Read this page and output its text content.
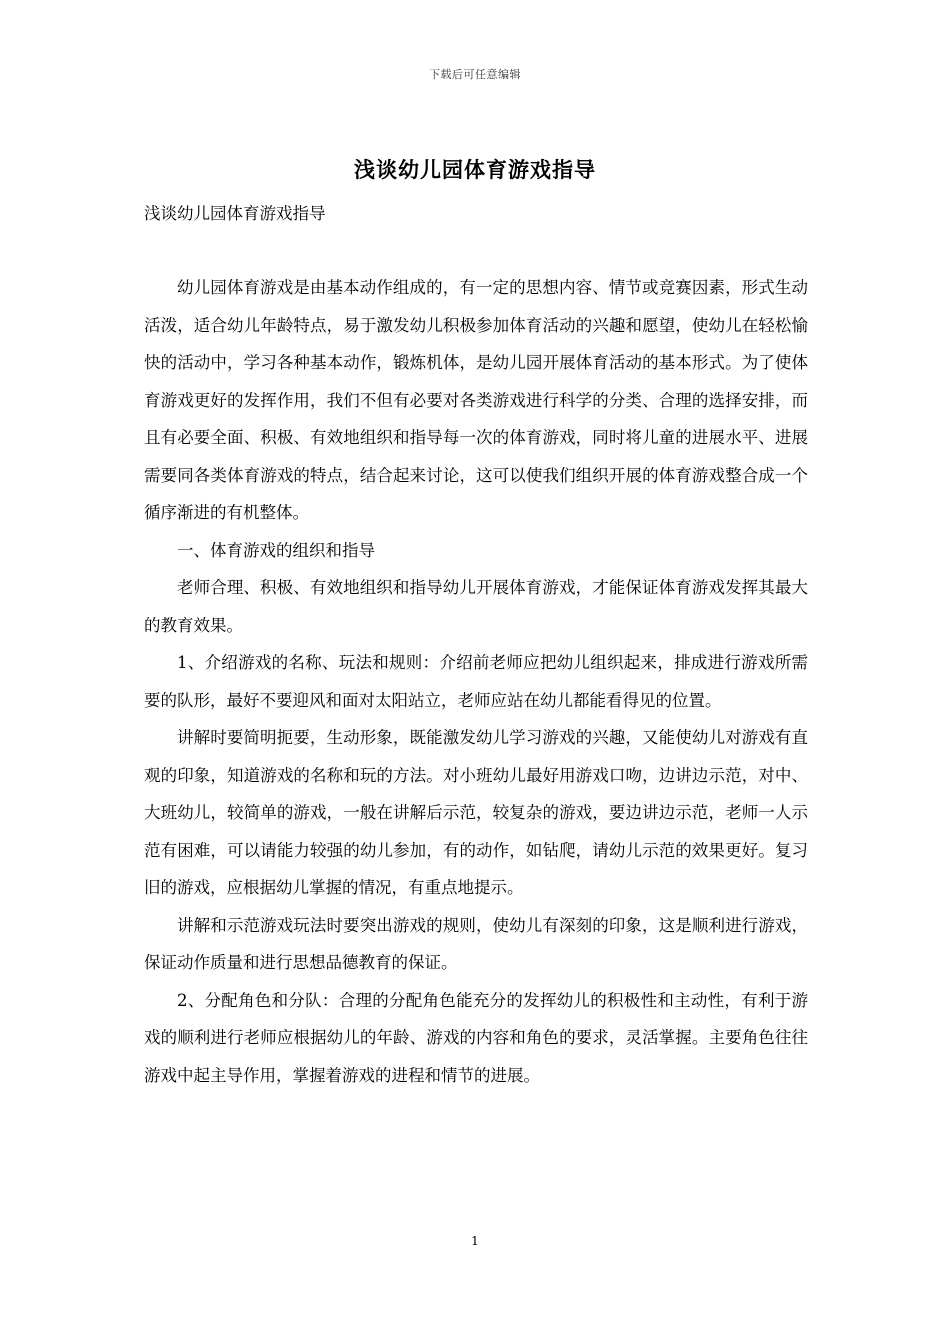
下载后可任意编辑
浅谈幼儿园体育游戏指导
浅谈幼儿园体育游戏指导

幼儿园体育游戏是由基本动作组成的，有一定的思想内容、情节或竞赛因素，形式生动活泼，适合幼儿年龄特点，易于激发幼儿积极参加体育活动的兴趣和愿望，使幼儿在轻松愉快的活动中，学习各种基本动作，锻炼机体，是幼儿园开展体育活动的基本形式。为了使体育游戏更好的发挥作用，我们不但有必要对各类游戏进行科学的分类、合理的选择安排，而且有必要全面、积极、有效地组织和指导每一次的体育游戏，同时将儿童的进展水平、进展需要同各类体育游戏的特点，结合起来讨论，这可以使我们组织开展的体育游戏整合成一个循序渐进的有机整体。

一、体育游戏的组织和指导

老师合理、积极、有效地组织和指导幼儿开展体育游戏，才能保证体育游戏发挥其最大的教育效果。

1、介绍游戏的名称、玩法和规则：介绍前老师应把幼儿组织起来，排成进行游戏所需要的队形，最好不要迎风和面对太阳站立，老师应站在幼儿都能看得见的位置。

讲解时要简明扼要，生动形象，既能激发幼儿学习游戏的兴趣，又能使幼儿对游戏有直观的印象，知道游戏的名称和玩的方法。对小班幼儿最好用游戏口吻，边讲边示范，对中、大班幼儿，较简单的游戏，一般在讲解后示范，较复杂的游戏，要边讲边示范，老师一人示范有困难，可以请能力较强的幼儿参加，有的动作，如钻爬，请幼儿示范的效果更好。复习旧的游戏，应根据幼儿掌握的情况，有重点地提示。

讲解和示范游戏玩法时要突出游戏的规则，使幼儿有深刻的印象，这是顺利进行游戏，保证动作质量和进行思想品德教育的保证。

2、分配角色和分队：合理的分配角色能充分的发挥幼儿的积极性和主动性，有利于游戏的顺利进行老师应根据幼儿的年龄、游戏的内容和角色的要求，灵活掌握。主要角色往往游戏中起主导作用，掌握着游戏的进程和情节的进展。

1
